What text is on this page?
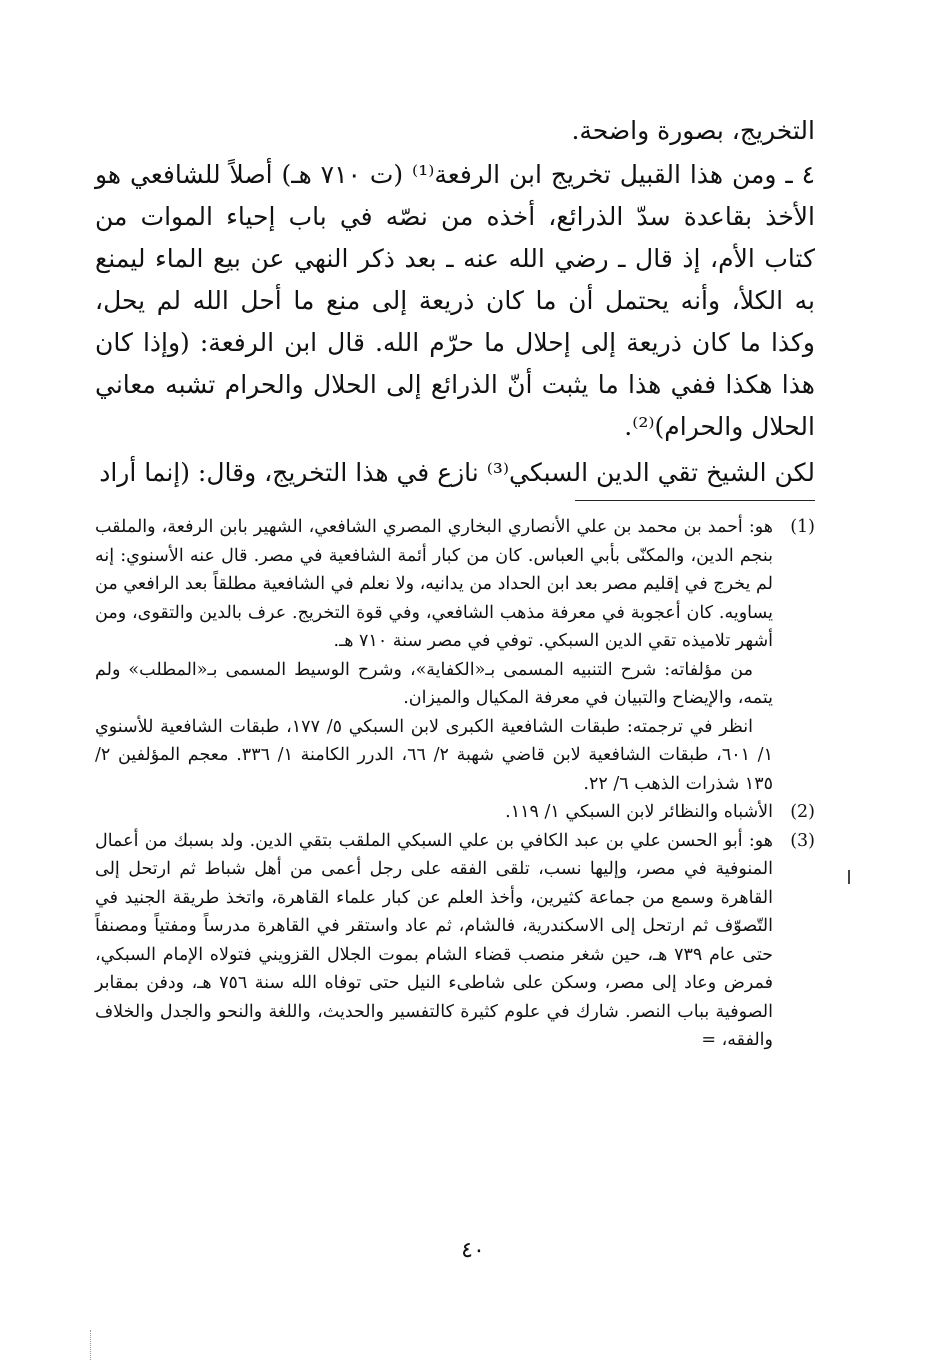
التخريج، بصورة واضحة.

٤ ـ ومن هذا القبيل تخريج ابن الرفعة⁽¹⁾ (ت ٧١٠ هـ) أصلاً للشافعي هو الأخذ بقاعدة سدّ الذرائع، أخذه من نصّه في باب إحياء الموات من كتاب الأم، إذ قال ـ رضي الله عنه ـ بعد ذكر النهي عن بيع الماء ليمنع به الكلأ، وأنه يحتمل أن ما كان ذريعة إلى منع ما أحل الله لم يحل، وكذا ما كان ذريعة إلى إحلال ما حرّم الله. قال ابن الرفعة: (وإذا كان هذا هكذا ففي هذا ما يثبت أنّ الذرائع إلى الحلال والحرام تشبه معاني الحلال والحرام)⁽²⁾.

لكن الشيخ تقي الدين السبكي⁽³⁾ نازع في هذا التخريج، وقال: (إنما أراد

(1)

هو: أحمد بن محمد بن علي الأنصاري البخاري المصري الشافعي، الشهير بابن الرفعة، والملقب بنجم الدين، والمكنّى بأبي العباس. كان من كبار أئمة الشافعية في مصر. قال عنه الأسنوي: إنه لم يخرج في إقليم مصر بعد ابن الحداد من يدانيه، ولا نعلم في الشافعية مطلقاً بعد الرافعي من يساويه. كان أعجوبة في معرفة مذهب الشافعي، وفي قوة التخريج. عرف بالدين والتقوى، ومن أشهر تلاميذه تقي الدين السبكي. توفي في مصر سنة ٧١٠ هـ.

من مؤلفاته: شرح التنبيه المسمى بـ«الكفاية»، وشرح الوسيط المسمى بـ«المطلب» ولم يتمه، والإيضاح والتبيان في معرفة المكيال والميزان.

انظر في ترجمته: طبقات الشافعية الكبرى لابن السبكي ٥/ ١٧٧، طبقات الشافعية للأسنوي ١/ ٦٠١، طبقات الشافعية لابن قاضي شهبة ٢/ ٦٦، الدرر الكامنة ١/ ٣٣٦. معجم المؤلفين ٢/ ١٣٥ شذرات الذهب ٦/ ٢٢.

(2)

الأشباه والنظائر لابن السبكي ١/ ١١٩.

(3)

هو: أبو الحسن علي بن عبد الكافي بن علي السبكي الملقب بتقي الدين. ولد بسبك من أعمال المنوفية في مصر، وإليها نسب، تلقى الفقه على رجل أعمى من أهل شباط ثم ارتحل إلى القاهرة وسمع من جماعة كثيرين، وأخذ العلم عن كبار علماء القاهرة، واتخذ طريقة الجنيد في التّصوّف ثم ارتحل إلى الاسكندرية، فالشام، ثم عاد واستقر في القاهرة مدرساً ومفتياً ومصنفاً حتى عام ٧٣٩ هـ، حين شغر منصب قضاء الشام بموت الجلال القزويني فتولاه الإمام السبكي، فمرض وعاد إلى مصر، وسكن على شاطىء النيل حتى توفاه الله سنة ٧٥٦ هـ، ودفن بمقابر الصوفية بباب النصر. شارك في علوم كثيرة كالتفسير والحديث، واللغة والنحو والجدل والخلاف والفقه، =

٤٠
